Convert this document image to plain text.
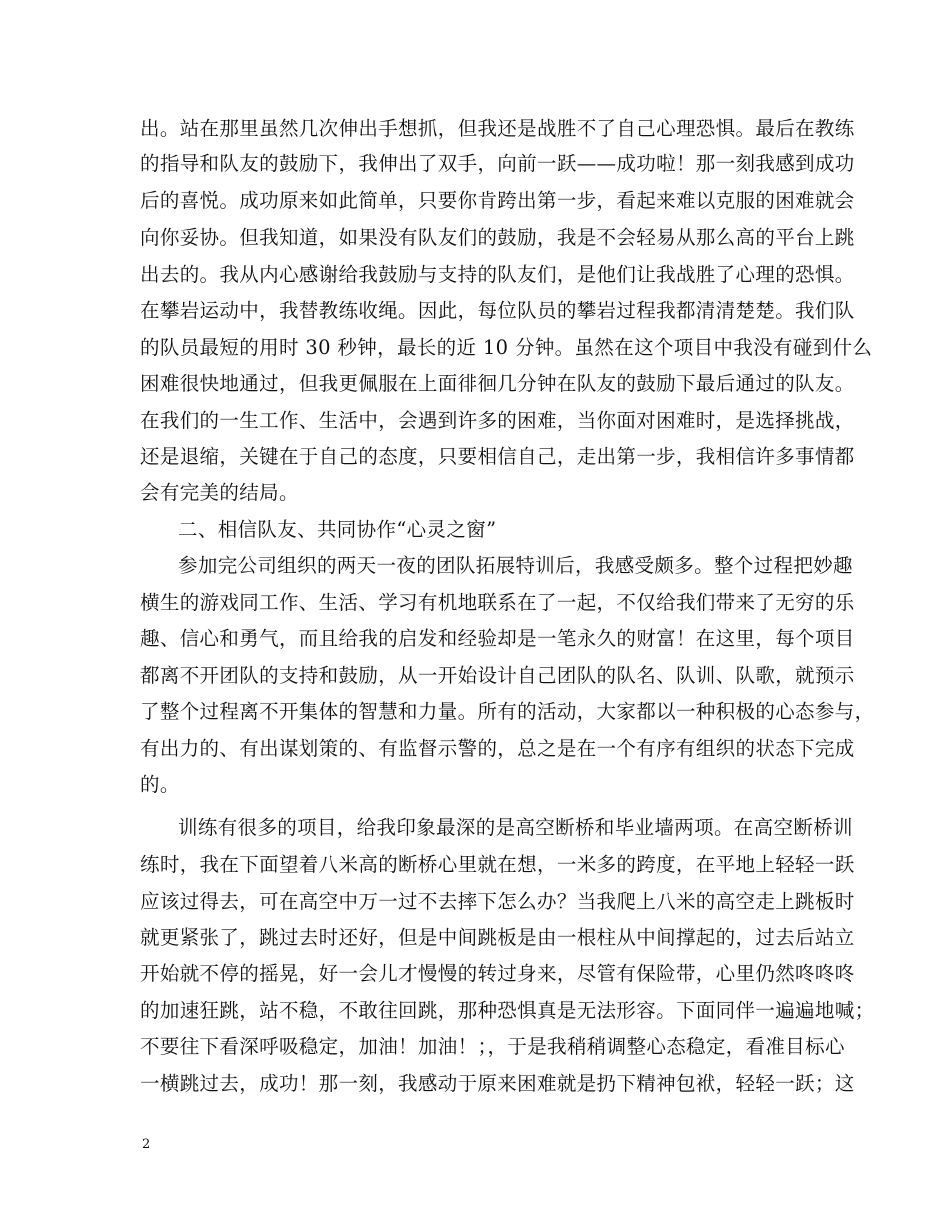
出。站在那里虽然几次伸出手想抓，但我还是战胜不了自己心理恐惧。最后在教练
的指导和队友的鼓励下，我伸出了双手，向前一跃——成功啦！那一刻我感到成功
后的喜悦。成功原来如此简单，只要你肯跨出第一步，看起来难以克服的困难就会
向你妥协。但我知道，如果没有队友们的鼓励，我是不会轻易从那么高的平台上跳
出去的。我从内心感谢给我鼓励与支持的队友们，是他们让我战胜了心理的恐惧。
在攀岩运动中，我替教练收绳。因此，每位队员的攀岩过程我都清清楚楚。我们队
的队员最短的用时 30 秒钟，最长的近 10 分钟。虽然在这个项目中我没有碰到什么
困难很快地通过，但我更佩服在上面徘徊几分钟在队友的鼓励下最后通过的队友。
在我们的一生工作、生活中，会遇到许多的困难，当你面对困难时，是选择挑战，
还是退缩，关键在于自己的态度，只要相信自己，走出第一步，我相信许多事情都
会有完美的结局。
二、相信队友、共同协作“心灵之窗”
参加完公司组织的两天一夜的团队拓展特训后，我感受颇多。整个过程把妙趣
横生的游戏同工作、生活、学习有机地联系在了一起，不仅给我们带来了无穷的乐
趣、信心和勇气，而且给我的启发和经验却是一笔永久的财富！在这里，每个项目
都离不开团队的支持和鼓励，从一开始设计自己团队的队名、队训、队歌，就预示
了整个过程离不开集体的智慧和力量。所有的活动，大家都以一种积极的心态参与，
有出力的、有出谋划策的、有监督示警的，总之是在一个有序有组织的状态下完成
的。
训练有很多的项目，给我印象最深的是高空断桥和毕业墙两项。在高空断桥训
练时，我在下面望着八米高的断桥心里就在想，一米多的跨度，在平地上轻轻一跃
应该过得去，可在高空中万一过不去摔下怎么办？当我爬上八米的高空走上跳板时
就更紧张了，跳过去时还好，但是中间跳板是由一根柱从中间撑起的，过去后站立
开始就不停的摇晃，好一会儿才慢慢的转过身来，尽管有保险带，心里仍然咚咚咚
的加速狂跳，站不稳，不敢往回跳，那种恐惧真是无法形容。下面同伴一遍遍地喊；
不要往下看深呼吸稳定，加油！加油！；，于是我稍稍调整心态稳定，看准目标心
一横跳过去，成功！那一刻，我感动于原来困难就是扔下精神包袱，轻轻一跃；这
2
